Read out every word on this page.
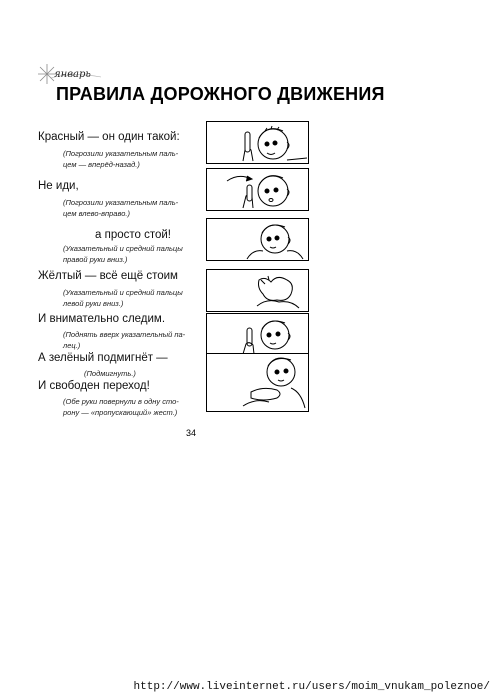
январь
ПРАВИЛА ДОРОЖНОГО ДВИЖЕНИЯ
Красный — он один такой:
(Погрозили указательным паль-
цем — вперёд-назад.)
Не иди,
(Погрозили указательным паль-
цем влево-вправо.)
а просто стой!
(Указательный и средний пальцы
правой руки вниз.)
Жёлтый — всё ещё стоим
(Указательный и средний пальцы
левой руки вниз.)
И внимательно следим.
(Поднять вверх указательный па-
лец.)
А зелёный подмигнёт —
(Подмигнуть.)
И свободен переход!
(Обе руки повернули в одну сто-
рону — «пропускающий» жест.)
34
http://www.liveinternet.ru/users/moim_vnukam_poleznoe/
